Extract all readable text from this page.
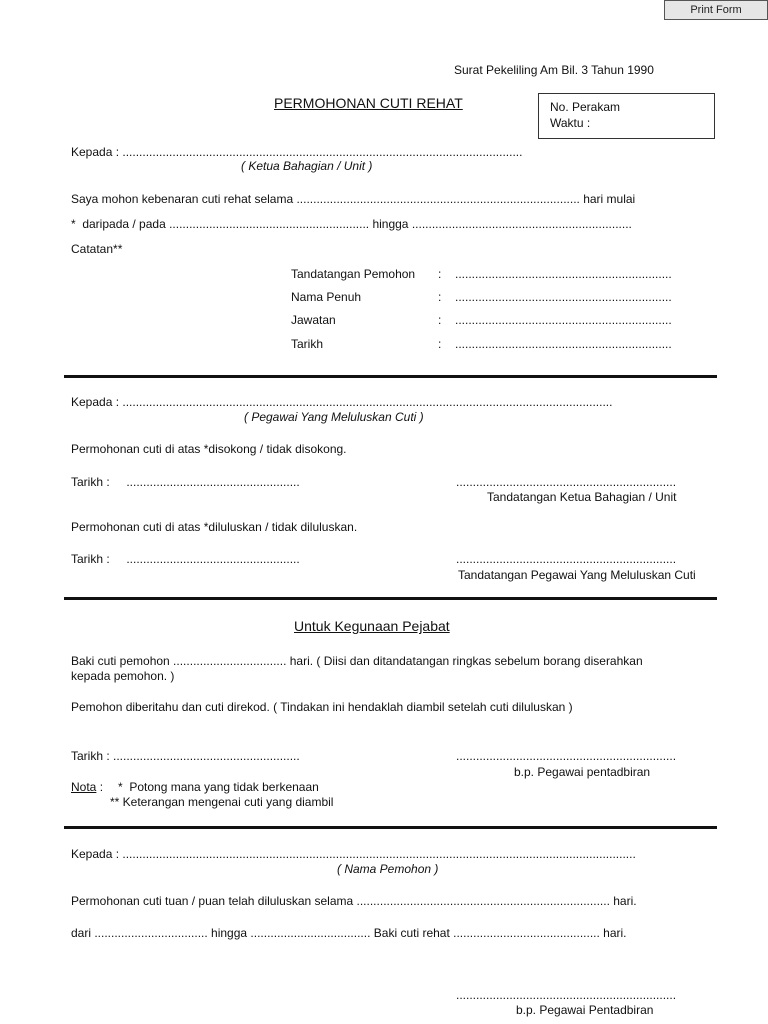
Print Form
Surat Pekeliling Am Bil. 3 Tahun 1990
PERMOHONAN CUTI REHAT	No. Perakam
Waktu :
Kepada : ........................................................................................................................
( Ketua Bahagian / Unit )
Saya mohon kebenaran cuti rehat selama ..................................................................................... hari mulai
*  daripada / pada ............................................................ hingga ..................................................................
Catatan**
Tandatangan Pemohon : .................................................................
Nama Penuh	: .................................................................
Jawatan	: .................................................................
Tarikh	: .................................................................
Kepada : ...................................................................................................................................................
( Pegawai Yang Meluluskan Cuti )
Permohonan cuti di atas *disokong / tidak disokong.
Tarikh :     ....................................................	..................................................................
Tandatangan Ketua Bahagian / Unit
Permohonan cuti di atas *diluluskan / tidak diluluskan.
Tarikh :     ....................................................	..................................................................
Tandatangan Pegawai Yang Meluluskan Cuti
Untuk Kegunaan Pejabat
Baki cuti pemohon .................................. hari. ( Diisi dan ditandatangan ringkas sebelum borang diserahkan
kepada pemohon. )
Pemohon diberitahu dan cuti direkod. ( Tindakan ini hendaklah diambil setelah cuti diluluskan )
Tarikh : ........................................................	..................................................................
b.p. Pegawai pentadbiran
Nota : *  Potong mana yang tidak berkenaan
** Keterangan mengenai cuti yang diambil
Kepada : ..........................................................................................................................................................
( Nama Pemohon )
Permohonan cuti tuan / puan telah diluluskan selama ............................................................................ hari.
dari .................................. hingga .................................... Baki cuti rehat ............................................ hari.
..................................................................
b.p. Pegawai Pentadbiran
